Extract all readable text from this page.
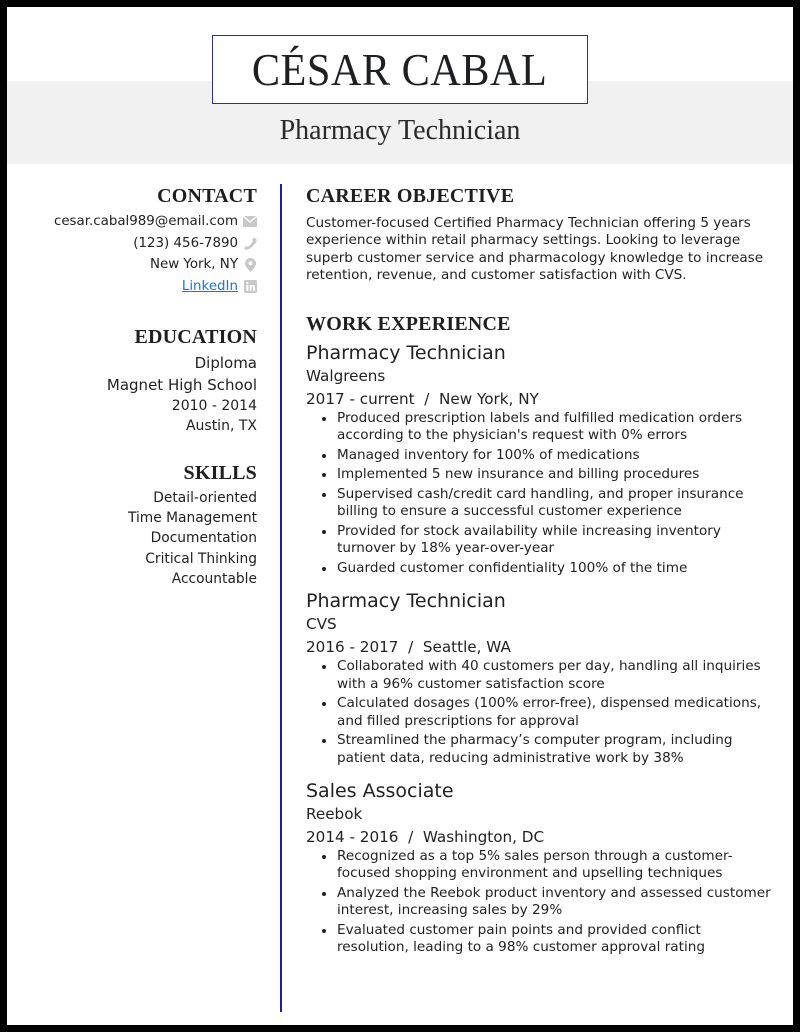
CÉSAR CABAL
Pharmacy Technician
CONTACT
cesar.cabal989@email.com
(123) 456-7890
New York, NY
LinkedIn
EDUCATION
Diploma
Magnet High School
2010 - 2014
Austin, TX
SKILLS
Detail-oriented
Time Management
Documentation
Critical Thinking
Accountable
CAREER OBJECTIVE
Customer-focused Certified Pharmacy Technician offering 5 years experience within retail pharmacy settings. Looking to leverage superb customer service and pharmacology knowledge to increase retention, revenue, and customer satisfaction with CVS.
WORK EXPERIENCE
Pharmacy Technician
Walgreens
2017 - current  /  New York, NY
Produced prescription labels and fulfilled medication orders according to the physician's request with 0% errors
Managed inventory for 100% of medications
Implemented 5 new insurance and billing procedures
Supervised cash/credit card handling, and proper insurance billing to ensure a successful customer experience
Provided for stock availability while increasing inventory turnover by 18% year-over-year
Guarded customer confidentiality 100% of the time
Pharmacy Technician
CVS
2016 - 2017  /  Seattle, WA
Collaborated with 40 customers per day, handling all inquiries with a 96% customer satisfaction score
Calculated dosages (100% error-free), dispensed medications, and filled prescriptions for approval
Streamlined the pharmacy’s computer program, including patient data, reducing administrative work by 38%
Sales Associate
Reebok
2014 - 2016  /  Washington, DC
Recognized as a top 5% sales person through a customer-focused shopping environment and upselling techniques
Analyzed the Reebok product inventory and assessed customer interest, increasing sales by 29%
Evaluated customer pain points and provided conflict resolution, leading to a 98% customer approval rating
